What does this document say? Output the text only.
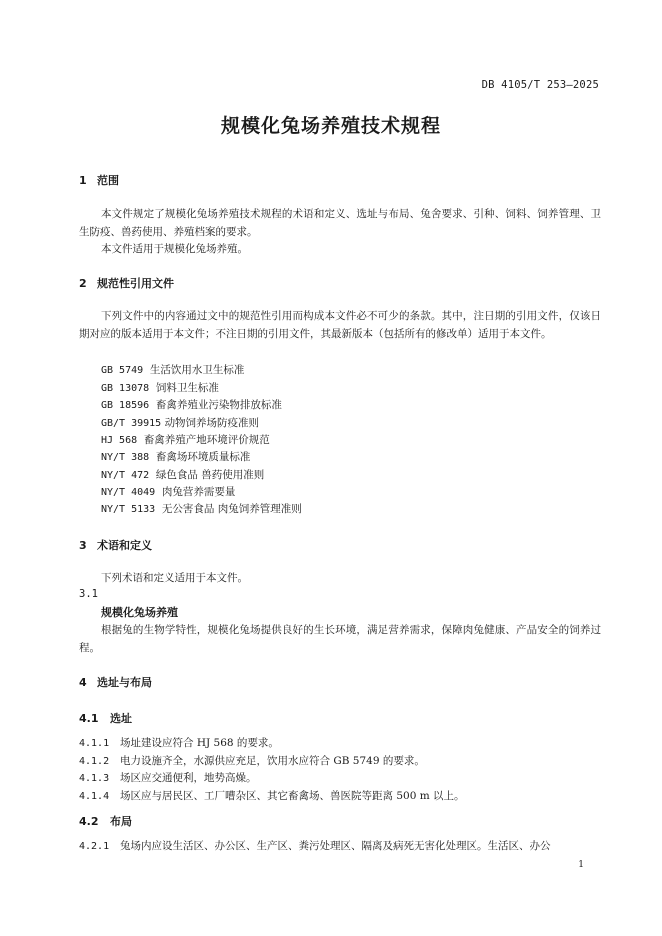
DB 4105/T 253—2025
规模化兔场养殖技术规程
1 范围
本文件规定了规模化兔场养殖技术规程的术语和定义、选址与布局、兔舍要求、引种、饲料、饲养管理、卫生防疫、兽药使用、养殖档案的要求。
本文件适用于规模化兔场养殖。
2 规范性引用文件
下列文件中的内容通过文中的规范性引用而构成本文件必不可少的条款。其中，注日期的引用文件，仅该日期对应的版本适用于本文件；不注日期的引用文件，其最新版本（包括所有的修改单）适用于本文件。
GB 5749 生活饮用水卫生标准
GB 13078 饲料卫生标准
GB 18596 畜禽养殖业污染物排放标准
GB/T 39915 动物饲养场防疫准则
HJ 568 畜禽养殖产地环境评价规范
NY/T 388 畜禽场环境质量标准
NY/T 472 绿色食品 兽药使用准则
NY/T 4049 肉兔营养需要量
NY/T 5133 无公害食品 肉兔饲养管理准则
3 术语和定义
下列术语和定义适用于本文件。
3.1
规模化兔场养殖
根据兔的生物学特性，规模化兔场提供良好的生长环境，满足营养需求，保障肉兔健康、产品安全的饲养过程。
4 选址与布局
4.1 选址
4.1.1 场址建设应符合 HJ 568 的要求。
4.1.2 电力设施齐全，水源供应充足，饮用水应符合 GB 5749 的要求。
4.1.3 场区应交通便利，地势高燥。
4.1.4 场区应与居民区、工厂嘈杂区、其它畜禽场、兽医院等距离 500 m 以上。
4.2 布局
4.2.1 兔场内应设生活区、办公区、生产区、粪污处理区、隔离及病死无害化处理区。生活区、办公
1
